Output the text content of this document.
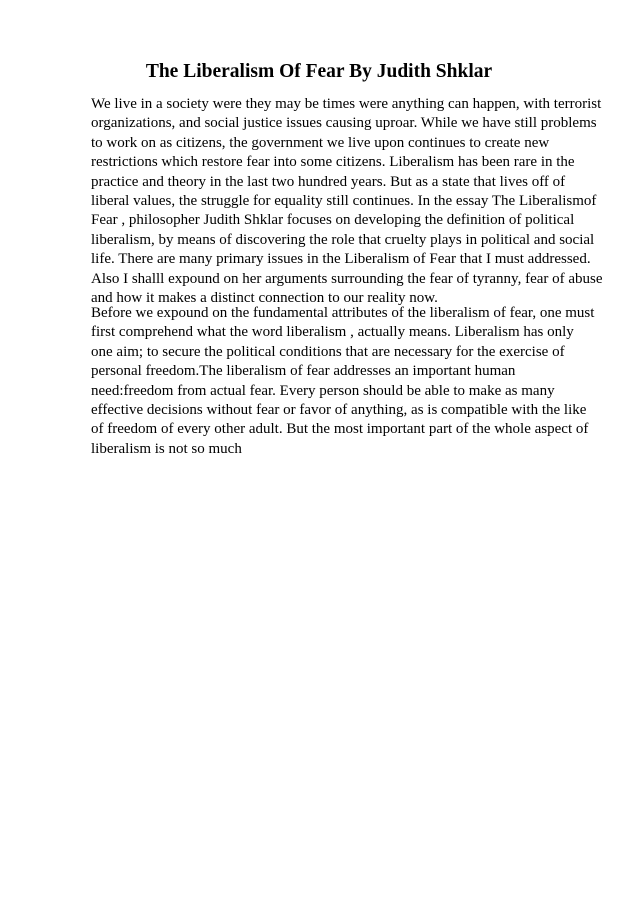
The Liberalism Of Fear By Judith Shklar

We live in a society were they may be times were anything can happen, with terrorist
organizations, and social justice issues causing uproar. While we have still problems
to work on as citizens, the government we live upon continues to create new
restrictions which restore fear into some citizens. Liberalism has been rare in the
practice and theory in the last two hundred years. But as a state that lives off of
liberal values, the struggle for equality still continues. In the essay The Liberalismof
Fear , philosopher Judith Shklar focuses on developing the definition of political
liberalism, by means of discovering the role that cruelty plays in political and social
life. There are many primary issues in the Liberalism of Fear that I must addressed.
Also I shalll expound on her arguments surrounding the fear of tyranny, fear of abuse
and how it makes a distinct connection to our reality now.

Before we expound on the fundamental attributes of the liberalism of fear, one must
first comprehend what the word liberalism , actually means. Liberalism has only
one aim; to secure the political conditions that are necessary for the exercise of
personal freedom.The liberalism of fear addresses an important human
need:freedom from actual fear. Every person should be able to make as many
effective decisions without fear or favor of anything, as is compatible with the like
of freedom of every other adult. But the most important part of the whole aspect of
liberalism is not so much
